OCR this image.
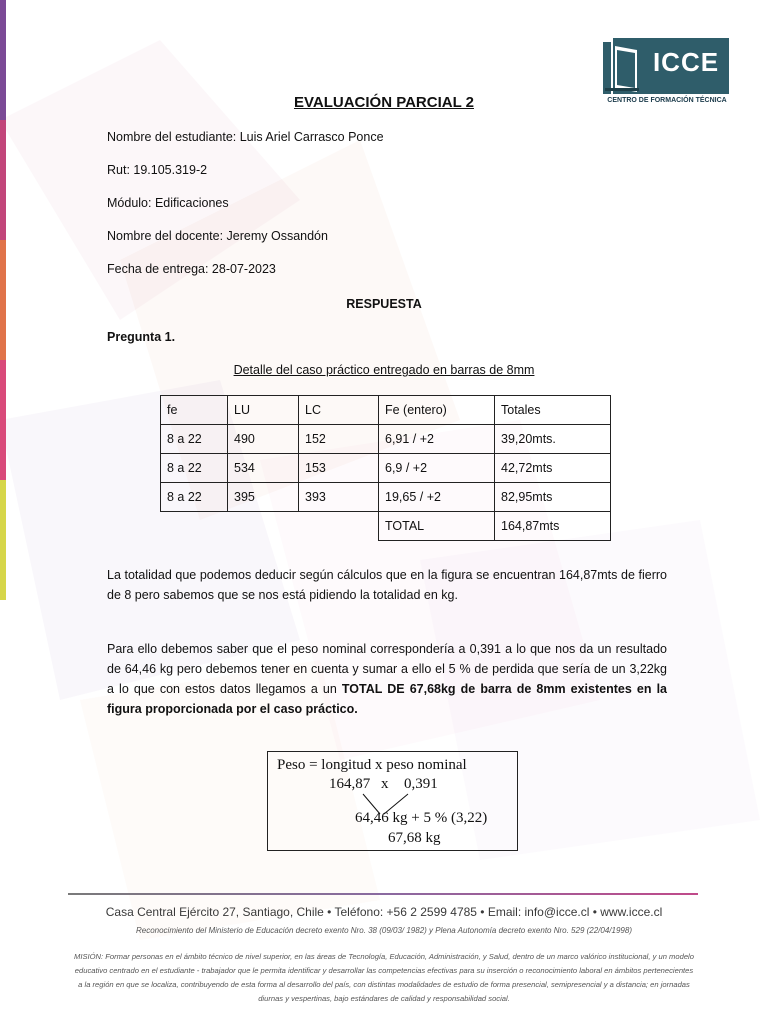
ICCE
CENTRO DE FORMACIÓN TÉCNICA
EVALUACIÓN PARCIAL 2
Nombre del estudiante: Luis Ariel Carrasco Ponce
Rut: 19.105.319-2
Módulo: Edificaciones
Nombre del docente: Jeremy Ossandón
Fecha de entrega: 28-07-2023
RESPUESTA
Pregunta 1.
Detalle del caso práctico entregado en barras de 8mm
fe	LU	LC	Fe (entero)	Totales
8 a 22	490	152	6,91 / +2	39,20mts.
8 a 22	534	153	6,9 / +2	42,72mts
8 a 22	395	393	19,65 / +2	82,95mts
			TOTAL	164,87mts
La totalidad que podemos deducir según cálculos que en la figura se encuentran 164,87mts de fierro de 8 pero sabemos que se nos está pidiendo la totalidad en kg.
Para ello debemos saber que el peso nominal correspondería a 0,391 a lo que nos da un resultado de 64,46 kg pero debemos tener en cuenta y sumar a ello el 5 % de perdida que sería de un 3,22kg a lo que con estos datos llegamos a un TOTAL DE 67,68kg de barra de 8mm existentes en la figura proporcionada por el caso práctico.
Peso = longitud x peso nominal
164,87 x 0,391
64,46 kg + 5 % (3,22)
67,68 kg
Casa Central Ejército 27, Santiago, Chile • Teléfono: +56 2 2599 4785 • Email: info@icce.cl • www.icce.cl
Reconocimiento del Ministerio de Educación decreto exento Nro. 38 (09/03/ 1982) y Plena Autonomía decreto exento Nro. 529 (22/04/1998)
MISIÓN: Formar personas en el ámbito técnico de nivel superior, en las áreas de Tecnología, Educación, Administración, y Salud, dentro de un marco valórico institucional, y un modelo educativo centrado en el estudiante - trabajador que le permita identificar y desarrollar las competencias efectivas para su inserción o reconocimiento laboral en ámbitos pertenecientes a la región en que se localiza, contribuyendo de esta forma al desarrollo del país, con distintas modalidades de estudio de forma presencial, semipresencial y a distancia; en jornadas diurnas y vespertinas, bajo estándares de calidad y responsabilidad social.
